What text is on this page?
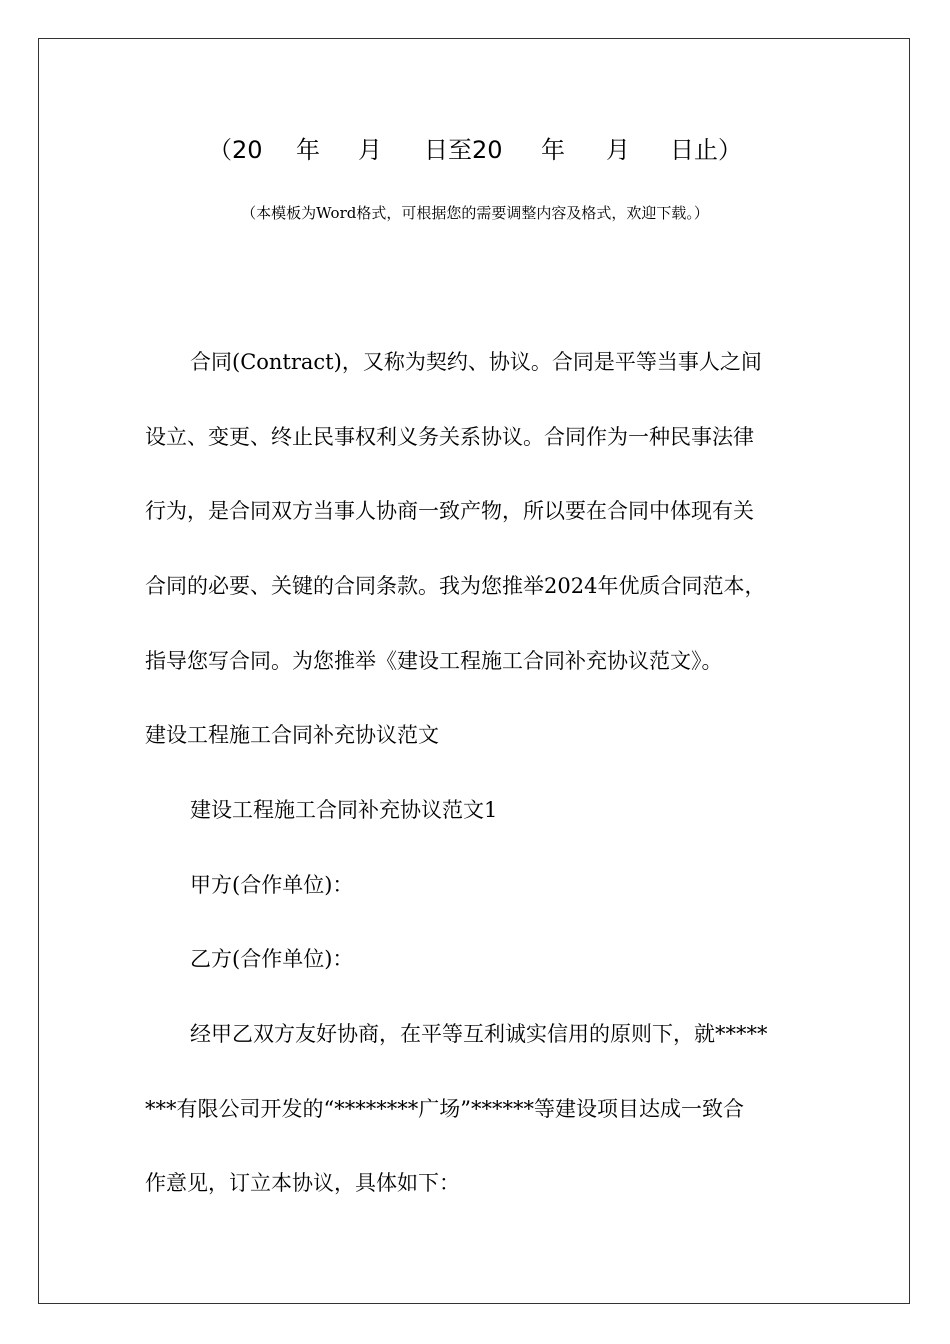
（20 年 月 日至20 年 月 日止）
（本模板为Word格式，可根据您的需要调整内容及格式，欢迎下载。）
合同(Contract)，又称为契约、协议。合同是平等当事人之间
设立、变更、终止民事权利义务关系协议。合同作为一种民事法律
行为，是合同双方当事人协商一致产物，所以要在合同中体现有关
合同的必要、关键的合同条款。我为您推举2024年优质合同范本，
指导您写合同。为您推举《建设工程施工合同补充协议范文》。
建设工程施工合同补充协议范文
建设工程施工合同补充协议范文1
甲方(合作单位)：
乙方(合作单位)：
经甲乙双方友好协商，在平等互利诚实信用的原则下，就*****
***有限公司开发的“********广场”******等建设项目达成一致合
作意见，订立本协议，具体如下：
